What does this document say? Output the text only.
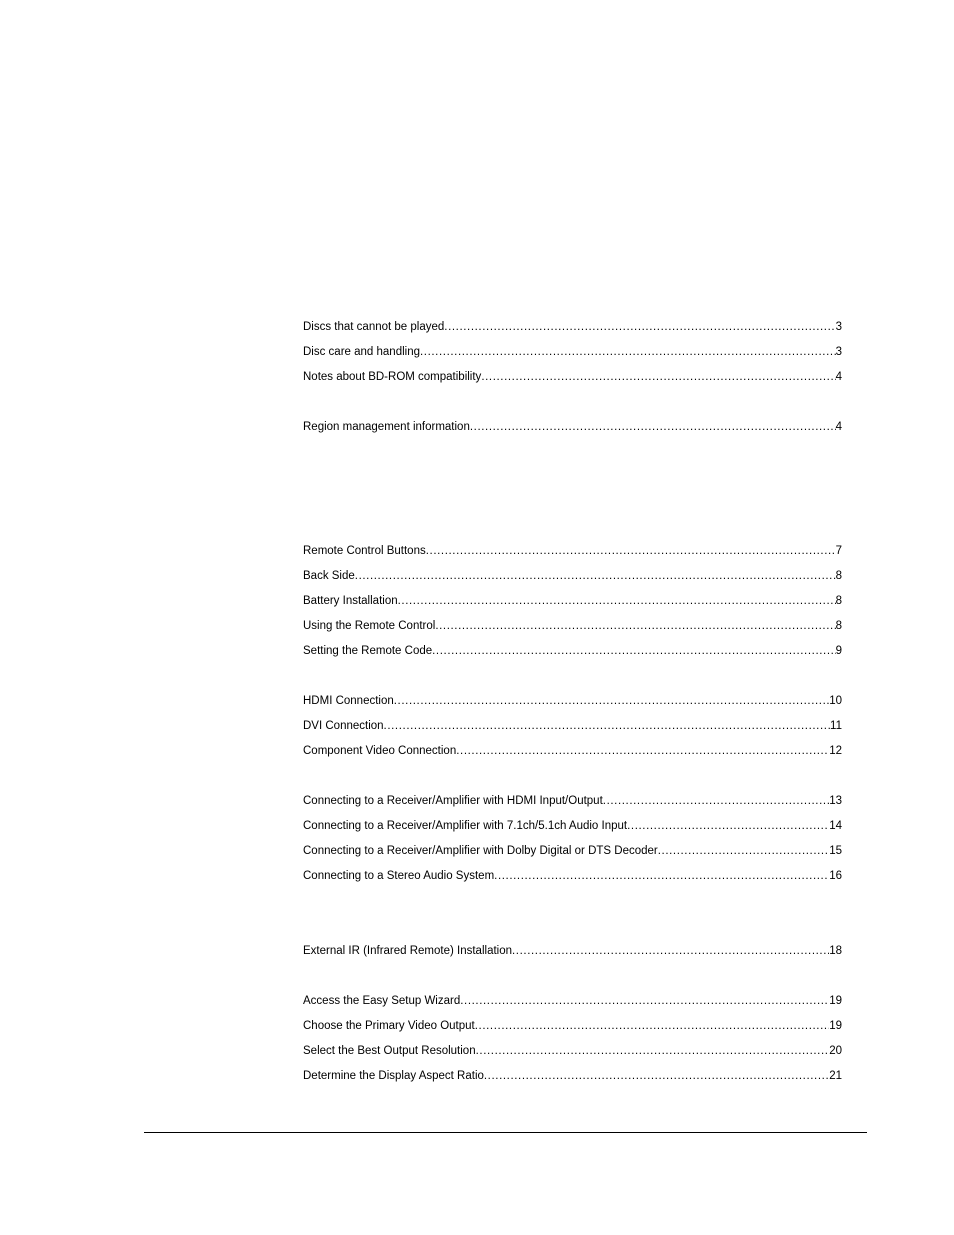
Discs that cannot be played .....	3
Disc care and handling .....	3
Notes about BD-ROM compatibility .....	4
Region management information .....	4
Remote Control Buttons .....	7
Back Side .....	8
Battery Installation .....	8
Using the Remote Control .....	8
Setting the Remote Code .....	9
HDMI Connection .....	10
DVI Connection .....	11
Component Video Connection .....	12
Connecting to a Receiver/Amplifier with HDMI Input/Output .....	13
Connecting to a Receiver/Amplifier with 7.1ch/5.1ch Audio Input .....	14
Connecting to a Receiver/Amplifier with Dolby Digital or DTS Decoder .....	15
Connecting to a Stereo Audio System .....	16
External IR (Infrared Remote) Installation .....	18
Access the Easy Setup Wizard .....	19
Choose the Primary Video Output .....	19
Select the Best Output Resolution .....	20
Determine the Display Aspect Ratio .....	21
